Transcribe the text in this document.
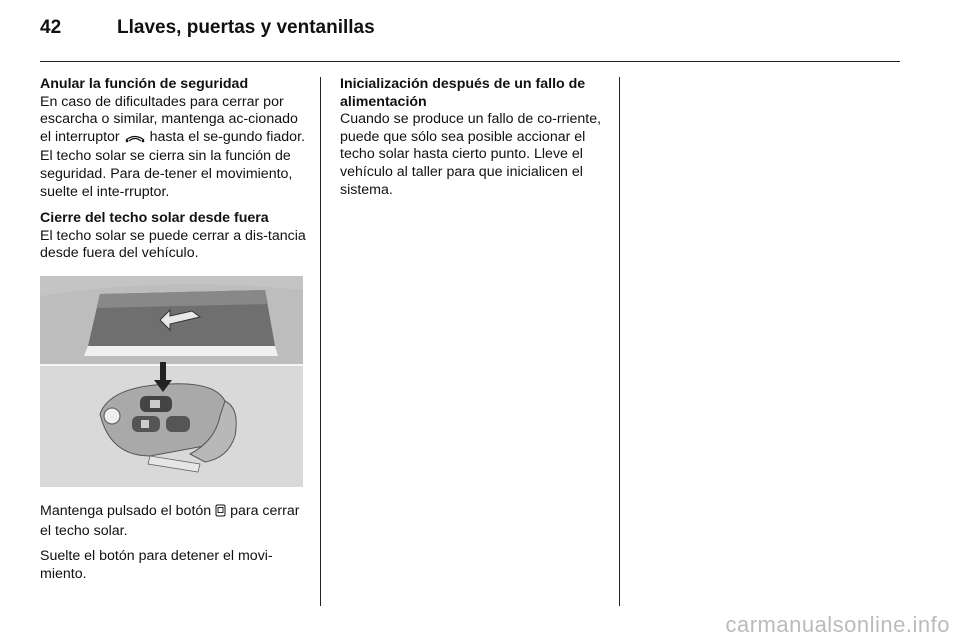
42	Llaves, puertas y ventanillas
Anular la función de seguridad

En caso de dificultades para cerrar por escarcha o similar, mantenga ac-cionado el interruptor hasta el se-gundo fiador. El techo solar se cierra sin la función de seguridad. Para de-tener el movimiento, suelte el inte-rruptor.

Cierre del techo solar desde fuera

El techo solar se puede cerrar a dis-tancia desde fuera del vehículo.

Mantenga pulsado el botón para cerrar el techo solar.

Suelte el botón para detener el movi-miento.

Inicialización después de un fallo de alimentación

Cuando se produce un fallo de co-rriente, puede que sólo sea posible accionar el techo solar hasta cierto punto. Lleve el vehículo al taller para que inicialicen el sistema.

carmanualsonline.info
